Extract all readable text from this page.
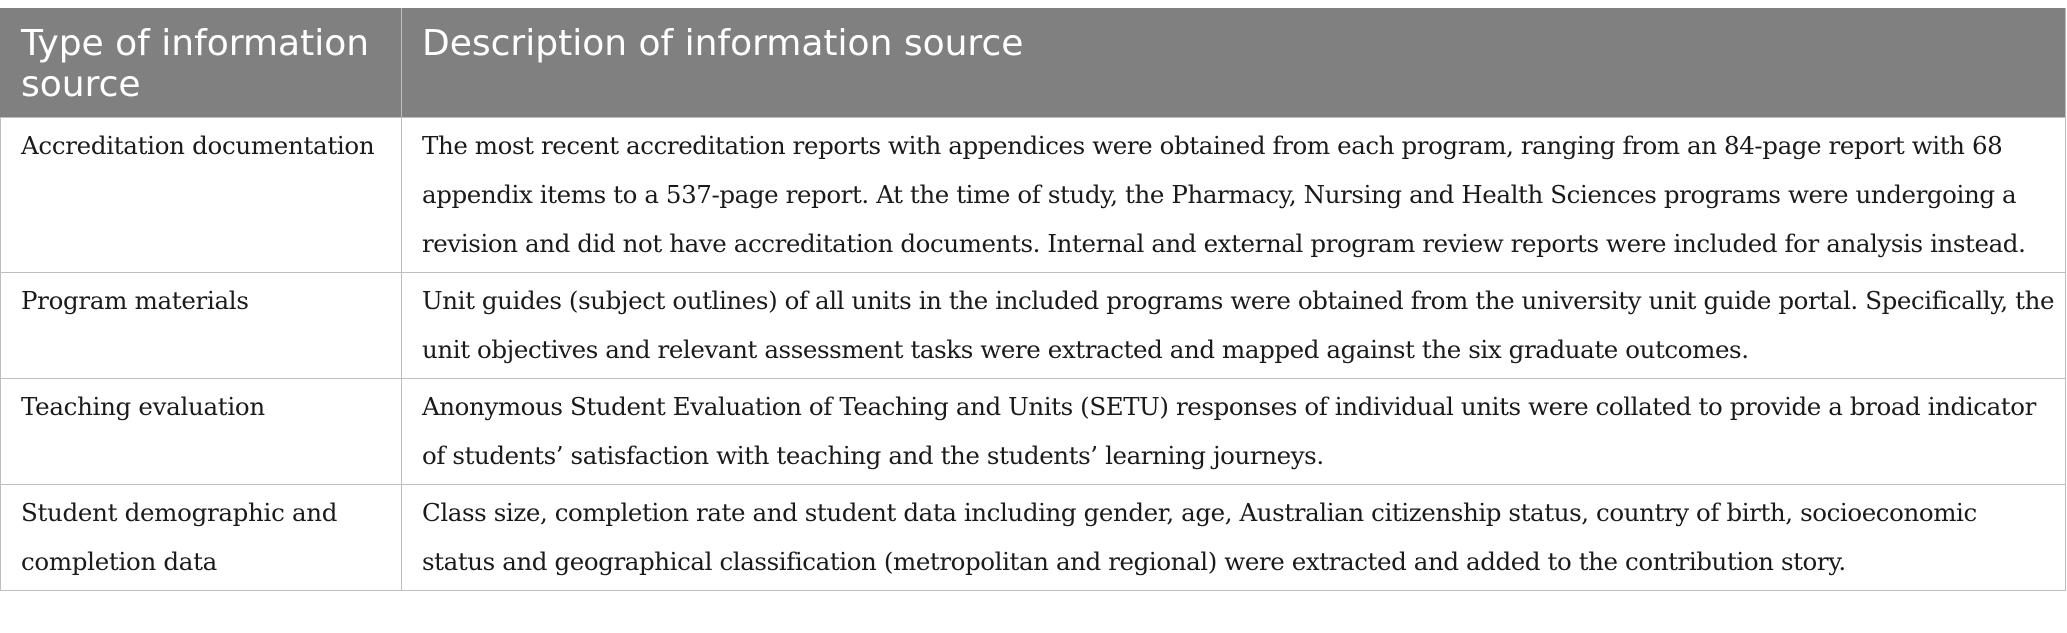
Type of information source	Description of information source
Accreditation documentation	The most recent accreditation reports with appendices were obtained from each program, ranging from an 84-page report with 68 appendix items to a 537-page report. At the time of study, the Pharmacy, Nursing and Health Sciences programs were undergoing a revision and did not have accreditation documents. Internal and external program review reports were included for analysis instead.
Program materials	Unit guides (subject outlines) of all units in the included programs were obtained from the university unit guide portal. Specifically, the unit objectives and relevant assessment tasks were extracted and mapped against the six graduate outcomes.
Teaching evaluation	Anonymous Student Evaluation of Teaching and Units (SETU) responses of individual units were collated to provide a broad indicator of students’ satisfaction with teaching and the students’ learning journeys.
Student demographic and completion data	Class size, completion rate and student data including gender, age, Australian citizenship status, country of birth, socioeconomic status and geographical classification (metropolitan and regional) were extracted and added to the contribution story.
